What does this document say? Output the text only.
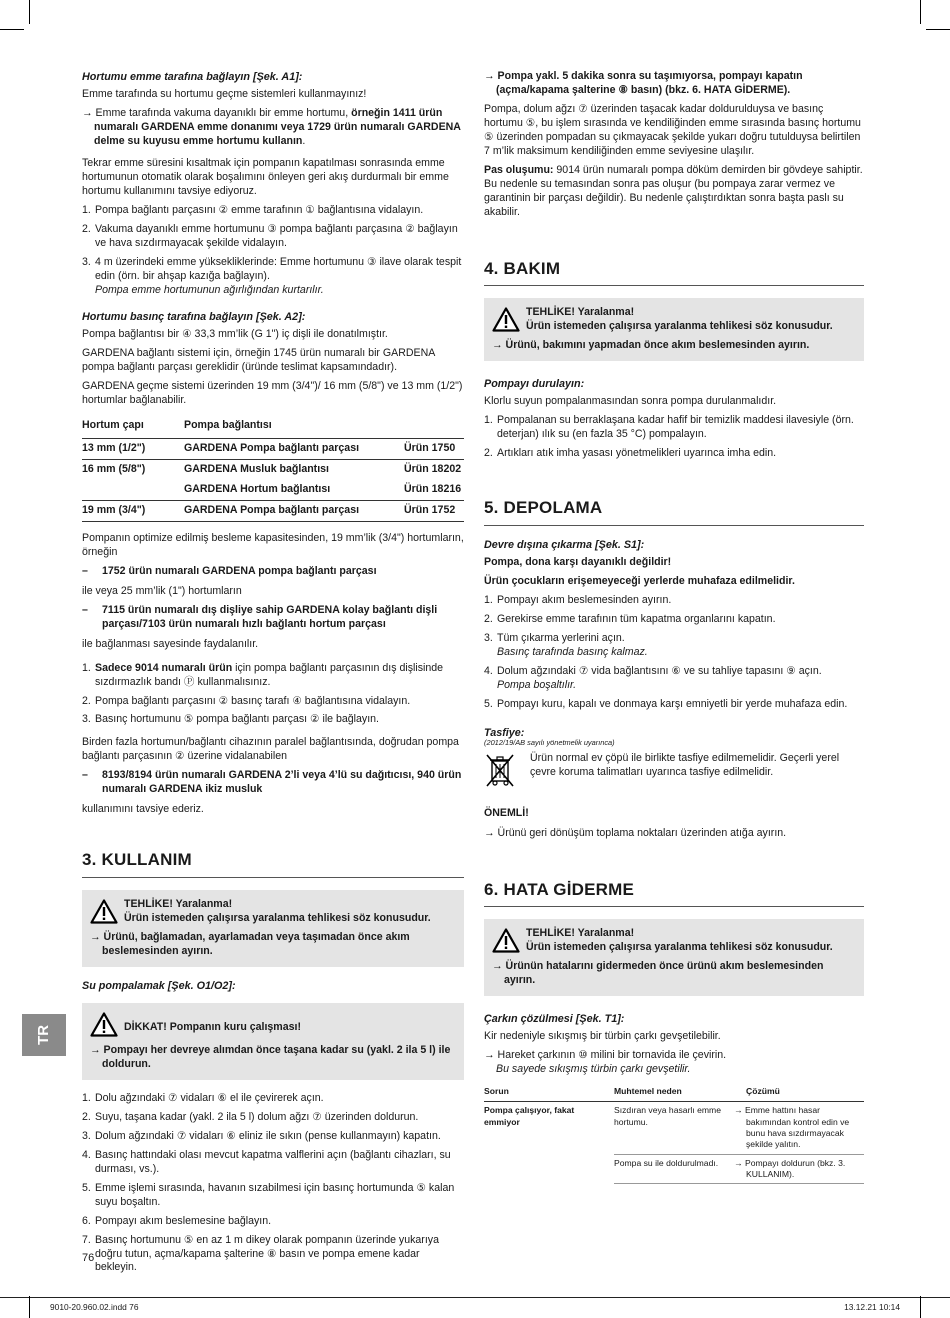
Hortumu emme tarafına bağlayın [Şek. A1]:

Emme tarafında su hortumu geçme sistemleri kullanmayınız!

→ Emme tarafında vakuma dayanıklı bir emme hortumu, örneğin 1411 ürün numaralı GARDENA emme donanımı veya 1729 ürün numaralı GARDENA delme su kuyusu emme hortumu kullanın.

Tekrar emme süresini kısaltmak için pompanın kapatılması sonrasında emme hortumunun otomatik olarak boşalımını önleyen geri akış durdurmalı bir emme hortumu kullanımını tavsiye ediyoruz.

1. Pompa bağlantı parçasını ② emme tarafının ① bağlantısına vidalayın.
2. Vakuma dayanıklı emme hortumunu ③ pompa bağlantı parçasına ② bağlayın ve hava sızdırmayacak şekilde vidalayın.
3. 4 m üzerindeki emme yüksekliklerinde: Emme hortumunu ③ ilave olarak tespit edin (örn. bir ahşap kazığa bağlayın).
Pompa emme hortumunun ağırlığından kurtarılır.

Hortumu basınç tarafına bağlayın [Şek. A2]:

Pompa bağlantısı bir ④ 33,3 mm’lik (G 1") iç dişli ile donatılmıştır.

GARDENA bağlantı sistemi için, örneğin 1745 ürün numaralı bir GARDENA pompa bağlantı parçası gereklidir (üründe teslimat kapsamındadır).

GARDENA geçme sistemi üzerinden 19 mm (3/4")/ 16 mm (5/8") ve 13 mm (1/2") hortumlar bağlanabilir.

Hortum çapı	Pompa bağlantısı	
13 mm (1/2")	GARDENA Pompa bağlantı parçası	Ürün 1750
16 mm (5/8")	GARDENA Musluk bağlantısı	Ürün 18202
	GARDENA Hortum bağlantısı	Ürün 18216
19 mm (3/4")	GARDENA Pompa bağlantı parçası	Ürün 1752

Pompanın optimize edilmiş besleme kapasitesinden, 19 mm’lik (3/4") hortumların, örneğin

–	1752 ürün numaralı GARDENA pompa bağlantı parçası

ile veya 25 mm’lik (1") hortumların

–	7115 ürün numaralı dış dişliye sahip GARDENA kolay bağlantı dişli parçası/7103 ürün numaralı hızlı bağlantı hortum parçası

ile bağlanması sayesinde faydalanılır.

1. Sadece 9014 numaralı ürün için pompa bağlantı parçasının dış dişlisinde sızdırmazlık bandı Ⓟ kullanmalısınız.
2. Pompa bağlantı parçasını ② basınç tarafı ④ bağlantısına vidalayın.
3. Basınç hortumunu ⑤ pompa bağlantı parçası ② ile bağlayın.

Birden fazla hortumun/bağlantı cihazının paralel bağlantısında, doğrudan pompa bağlantı parçasının ② üzerine vidalanabilen

–	8193/8194 ürün numaralı GARDENA 2’li veya 4’lü su dağıtıcısı, 940 ürün numaralı GARDENA ikiz musluk

kullanımını tavsiye ederiz.

3. KULLANIM
TEHLİKE! Yaralanma!
Ürün istemeden çalışırsa yaralanma tehlikesi söz konusudur.
→ Ürünü, bağlamadan, ayarlamadan veya taşımadan önce akım beslemesinden ayırın.

Su pompalamak [Şek. O1/O2]:

DİKKAT! Pompanın kuru çalışması!
→ Pompayı her devreye alımdan önce taşana kadar su (yakl. 2 ila 5 l) ile doldurun.
1. Dolu ağzındaki ⑦ vidaları ⑥ el ile çevirerek açın.
2. Suyu, taşana kadar (yakl. 2 ila 5 l) dolum ağzı ⑦ üzerinden doldurun.
3. Dolum ağzındaki ⑦ vidaları ⑥ eliniz ile sıkın (pense kullanmayın) kapatın.
4. Basınç hattındaki olası mevcut kapatma valflerini açın (bağlantı cihazları, su durması, vs.).
5. Emme işlemi sırasında, havanın sızabilmesi için basınç hortumunda ⑤ kalan suyu boşaltın.
6. Pompayı akım beslemesine bağlayın.
7. Basınç hortumunu ⑤ en az 1 m dikey olarak pompanın üzerinde yukarıya doğru tutun, açma/kapama şalterine ⑧ basın ve pompa emene kadar bekleyin.

→ Pompa yakl. 5 dakika sonra su taşımıyorsa, pompayı kapatın (açma/kapama şalterine ⑧ basın) (bkz. 6. HATA GİDERME).

Pompa, dolum ağzı ⑦ üzerinden taşacak kadar doldurulduysa ve basınç hortumu ⑤, bu işlem sırasında ve kendiliğinden emme sırasında basınç hortumu ⑤ üzerinden pompadan su çıkmayacak şekilde yukarı doğru tutulduysa belirtilen 7 m’lik maksimum kendiliğinden emme seviyesine ulaşılır.

Pas oluşumu: 9014 ürün numaralı pompa döküm demirden bir gövdeye sahiptir. Bu nedenle su temasından sonra pas oluşur (bu pompaya zarar vermez ve garantinin bir parçası değildir). Bu nedenle çalıştırdıktan sonra başta paslı su akabilir.

4. BAKIM
TEHLİKE! Yaralanma!
Ürün istemeden çalışırsa yaralanma tehlikesi söz konusudur.
→ Ürünü, bakımını yapmadan önce akım beslemesinden ayırın.

Pompayı durulayın:

Klorlu suyun pompalanmasından sonra pompa durulanmalıdır.

1. Pompalanan su berraklaşana kadar hafif bir temizlik maddesi ilavesiyle (örn. deterjan) ılık su (en fazla 35 °C) pompalayın.
2. Artıkları atık imha yasası yönetmelikleri uyarınca imha edin.
5. DEPOLAMA

Devre dışına çıkarma [Şek. S1]:

Pompa, dona karşı dayanıklı değildir!

Ürün çocukların erişemeyeceği yerlerde muhafaza edilmelidir.

1. Pompayı akım beslemesinden ayırın.
2. Gerekirse emme tarafının tüm kapatma organlarını kapatın.
3. Tüm çıkarma yerlerini açın.
Basınç tarafında basınç kalmaz.
4. Dolum ağzındaki ⑦ vida bağlantısını ⑥ ve su tahliye tapasını ⑨ açın.
Pompa boşaltılır.
5. Pompayı kuru, kapalı ve donmaya karşı emniyetli bir yerde muhafaza edin.

Tasfiye:

(2012/19/AB sayılı yönetmelik uyarınca)

Ürün normal ev çöpü ile birlikte tasfiye edilmemelidir. Geçerli yerel çevre koruma talimatları uyarınca tasfiye edilmelidir.

ÖNEMLİ!

→ Ürünü geri dönüşüm toplama noktaları üzerinden atığa ayırın.

6. HATA GİDERME
TEHLİKE! Yaralanma!
Ürün istemeden çalışırsa yaralanma tehlikesi söz konusudur.
→ Ürünün hatalarını gidermeden önce ürünü akım beslemesinden ayırın.

Çarkın çözülmesi [Şek. T1]:

Kir nedeniyle sıkışmış bir türbin çarkı gevşetilebilir.

→ Hareket çarkının ⑩ milini bir tornavida ile çevirin.
Bu sayede sıkışmış türbin çarkı gevşetilir.

Sorun	Muhtemel neden	Çözümü
Pompa çalışıyor, fakat emmiyor	Sızdıran veya hasarlı emme hortumu.	→ Emme hattını hasar bakımından kontrol edin ve bunu hava sızdırmayacak şekilde yalıtın.
	Pompa su ile doldurulmadı.	→ Pompayı doldurun (bkz. 3. KULLANIM).
TR
76
9010-20.960.02.indd 76	13.12.21 10:14
